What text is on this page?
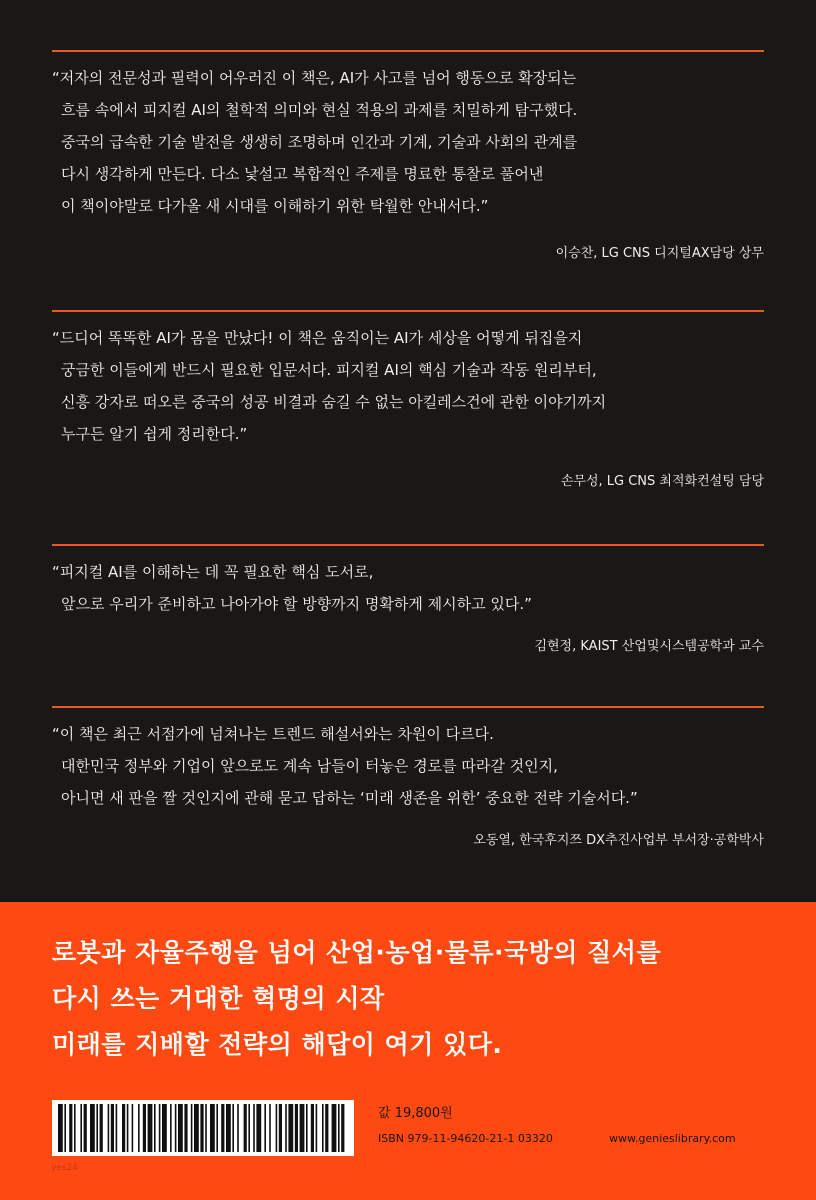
“저자의 전문성과 필력이 어우러진 이 책은, AI가 사고를 넘어 행동으로 확장되는
흐름 속에서 피지컬 AI의 철학적 의미와 현실 적용의 과제를 치밀하게 탐구했다.
중국의 급속한 기술 발전을 생생히 조명하며 인간과 기계, 기술과 사회의 관계를
다시 생각하게 만든다. 다소 낯설고 복합적인 주제를 명료한 통찰로 풀어낸
이 책이야말로 다가올 새 시대를 이해하기 위한 탁월한 안내서다.”
이승찬, LG CNS 디지털AX담당 상무
“드디어 똑똑한 AI가 몸을 만났다! 이 책은 움직이는 AI가 세상을 어떻게 뒤집을지
궁금한 이들에게 반드시 필요한 입문서다. 피지컬 AI의 핵심 기술과 작동 원리부터,
신흥 강자로 떠오른 중국의 성공 비결과 숨길 수 없는 아킬레스건에 관한 이야기까지
누구든 알기 쉽게 정리한다.”
손무성, LG CNS 최적화컨설팅 담당
“피지컬 AI를 이해하는 데 꼭 필요한 핵심 도서로,
앞으로 우리가 준비하고 나아가야 할 방향까지 명확하게 제시하고 있다.”
김현정, KAIST 산업및시스템공학과 교수
“이 책은 최근 서점가에 넘쳐나는 트렌드 해설서와는 차원이 다르다.
대한민국 정부와 기업이 앞으로도 계속 남들이 터놓은 경로를 따라갈 것인지,
아니면 새 판을 짤 것인지에 관해 묻고 답하는 ‘미래 생존을 위한’ 중요한 전략 기술서다.”
오동열, 한국후지쯔 DX추진사업부 부서장·공학박사
로봇과 자율주행을 넘어 산업·농업·물류·국방의 질서를
다시 쓰는 거대한 혁명의 시작
미래를 지배할 전략의 해답이 여기 있다.
값 19,800원
ISBN 979-11-94620-21-1 03320	www.genieslibrary.com
yes24
